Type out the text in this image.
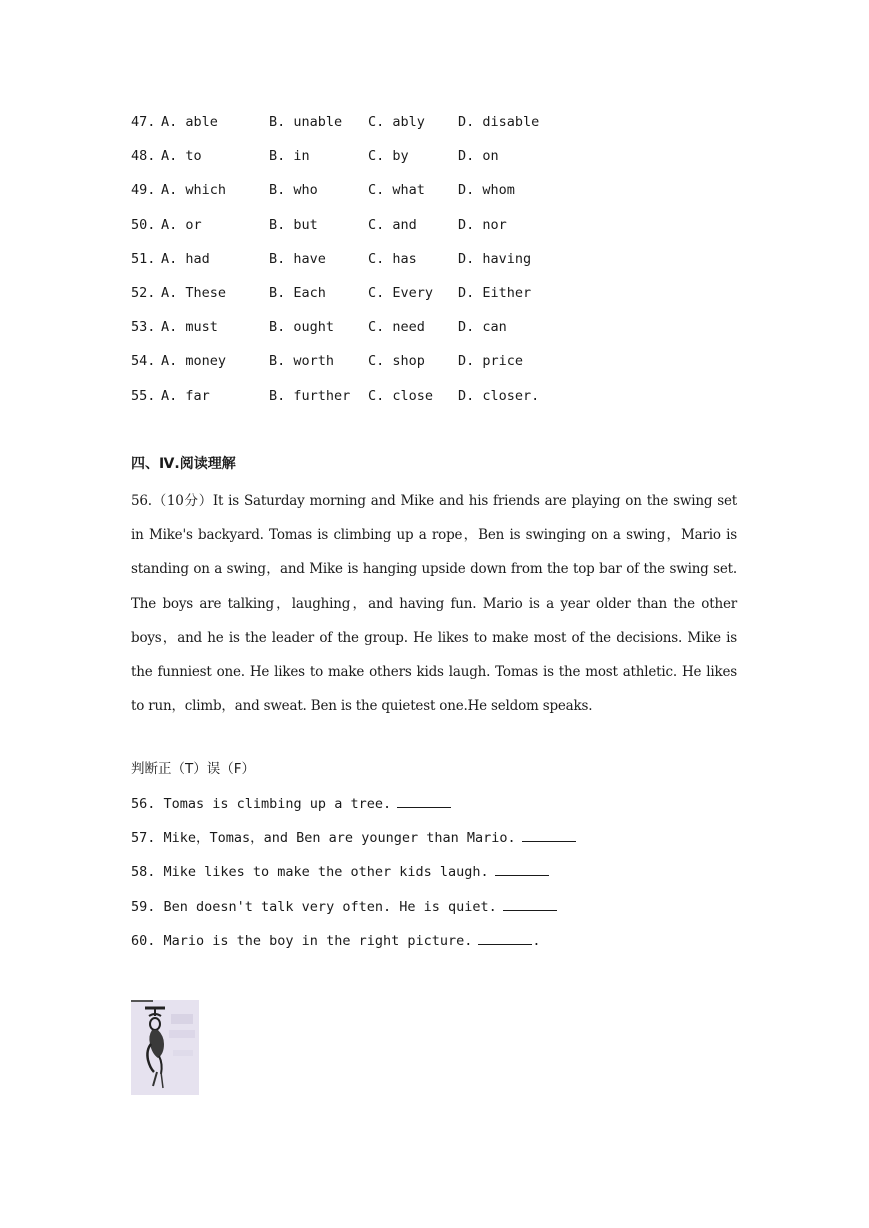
47. A. able	B. unable C. ably D. disable
48. A. to	B. in	C. by	D. on
49. A. which	B. who	C. what D. whom
50. A. or	B. but	C. and	D. nor
51. A. had	B. have	C. has	D. having
52. A. These	B. Each	C. Every D. Either
53. A. must	B. ought	C. need D. can
54. A. money	B. worth	C. shop D. price
55. A. far	B. further C. close D. closer.
四、Ⅳ.阅读理解
56.（10分）It is Saturday morning and Mike and his friends are playing on the swing set in Mike's backyard. Tomas is climbing up a rope，Ben is swinging on a swing，Mario is standing on a swing，and Mike is hanging upside down from the top bar of the swing set. The boys are talking，laughing，and having fun. Mario is a year older than the other boys，and he is the leader of the group. He likes to make most of the decisions. Mike is the funniest one. He likes to make others kids laugh. Tomas is the most athletic. He likes to run，climb，and sweat. Ben is the quietest one.He seldom speaks.
判断正（T）误（F）
56. Tomas is climbing up a tree.
57. Mike，Tomas，and Ben are younger than Mario.
58. Mike likes to make the other kids laugh.
59. Ben doesn't talk very often. He is quiet.
60. Mario is the boy in the right picture.	.
